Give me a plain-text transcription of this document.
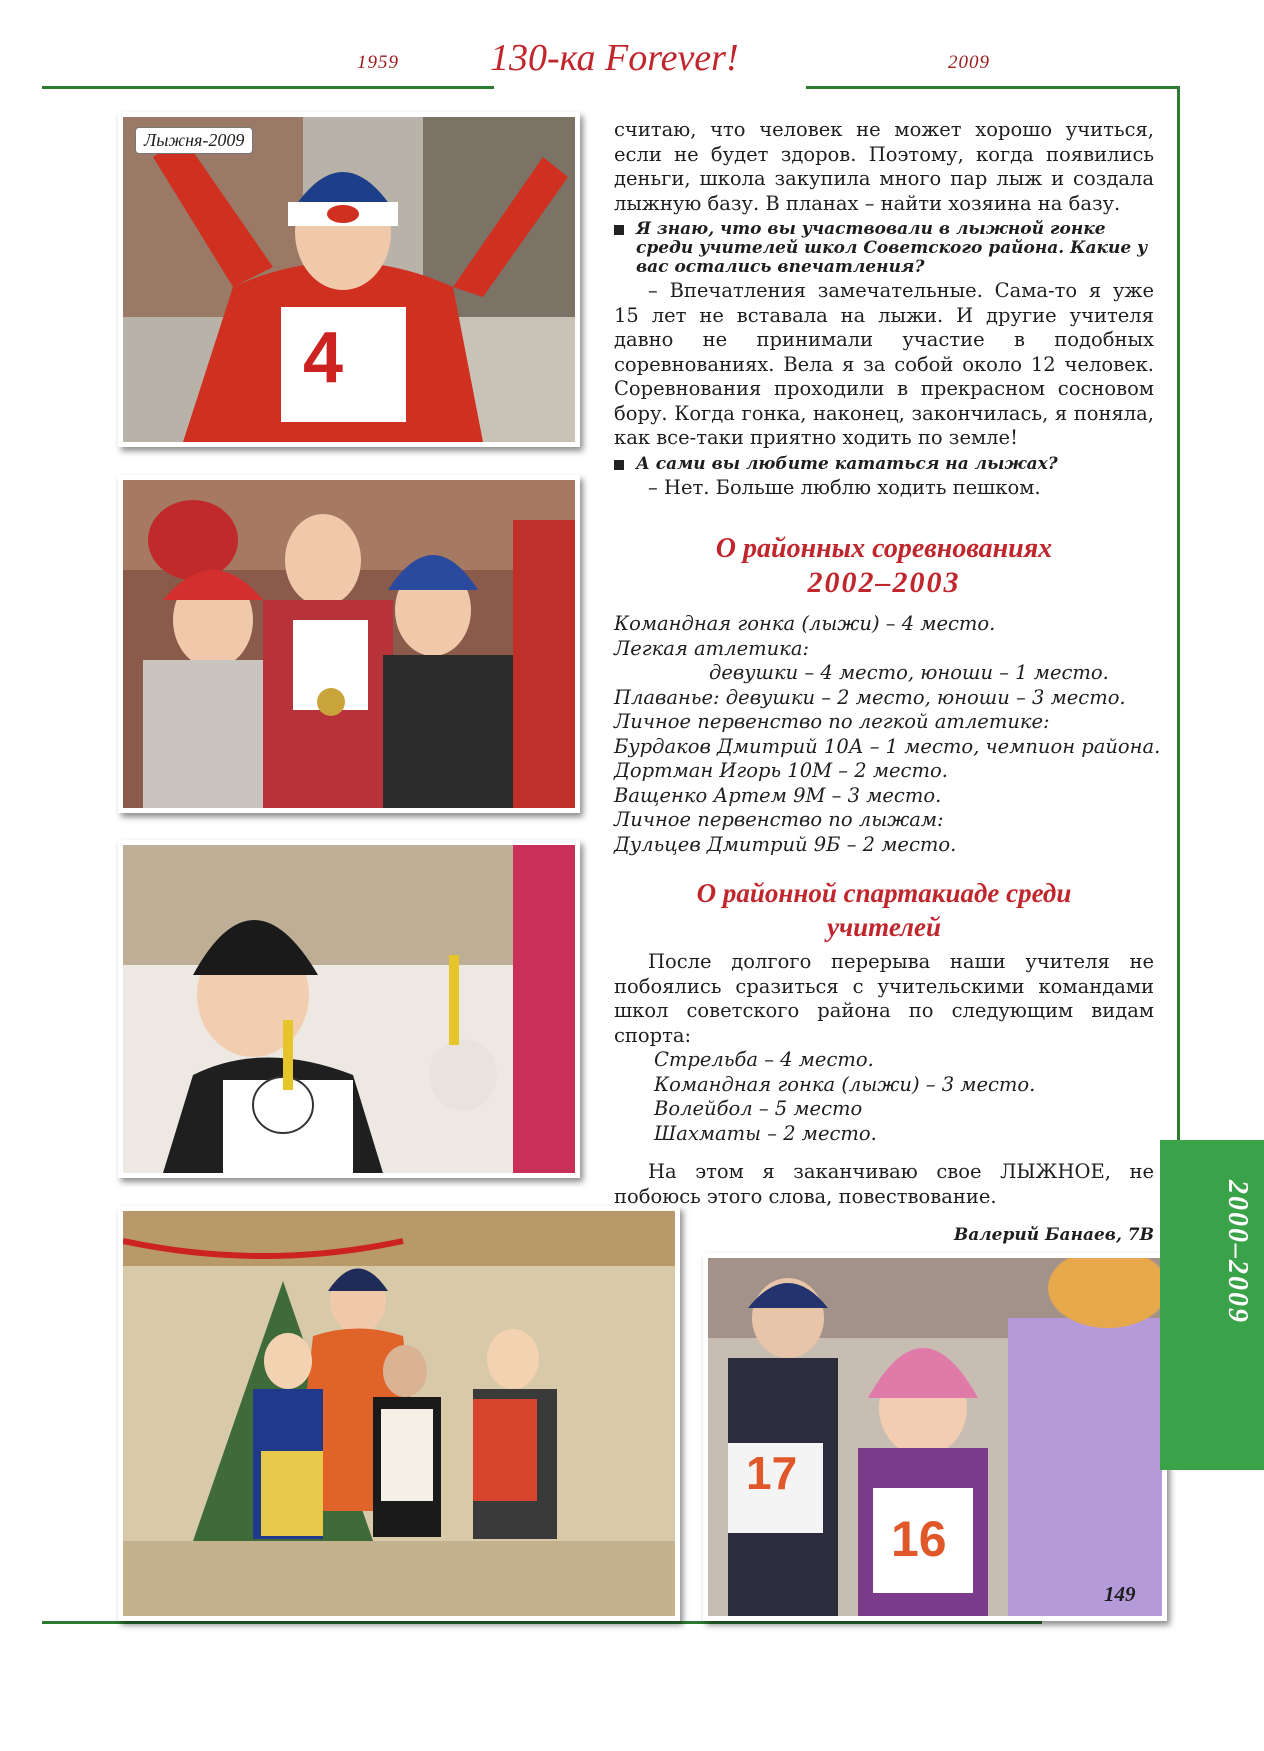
1959 130-ка Forever!	2009
Лыжня-2009
4
17
16

считаю, что человек не может хорошо учиться, если не будет здоров. Поэтому, когда появились деньги, школа закупила много пар лыж и создала лыжную базу. В планах – найти хозяина на базу.

Я знаю, что вы участвовали в лыжной гонке среди учителей школ Советского района. Какие у вас остались впечатления?

– Впечатления замечательные. Сама-то я уже 15 лет не вставала на лыжи. И другие учителя давно не принимали участие в подобных соревнованиях. Вела я за собой около 12 человек. Соревнования проходили в прекрасном сосновом бору. Когда гонка, наконец, закончилась, я поняла, как все-таки приятно ходить по земле!

А сами вы любите кататься на лыжах?

– Нет. Больше люблю ходить пешком.

О районных соревнованиях
2002–2003
Командная гонка (лыжи) – 4 место.
Легкая атлетика:
девушки – 4 место, юноши – 1 место.
Плаванье: девушки – 2 место, юноши – 3 место.
Личное первенство по легкой атлетике:
Бурдаков Дмитрий 10А – 1 место, чемпион района.
Дортман Игорь 10М – 2 место.
Ващенко Артем 9М – 3 место.
Личное первенство по лыжам:
Дульцев Дмитрий 9Б – 2 место.
О районной спартакиаде среди
учителей

После долгого перерыва наши учителя не побоялись сразиться с учительскими командами школ советского района по следующим видам спорта:

Стрельба – 4 место.
Командная гонка (лыжи) – 3 место.
Волейбол – 5 место
Шахматы – 2 место.

На этом я заканчиваю свое ЛЫЖНОЕ, не побоюсь этого слова, повествование.

Валерий Банаев, 7В	2000–2009
149
